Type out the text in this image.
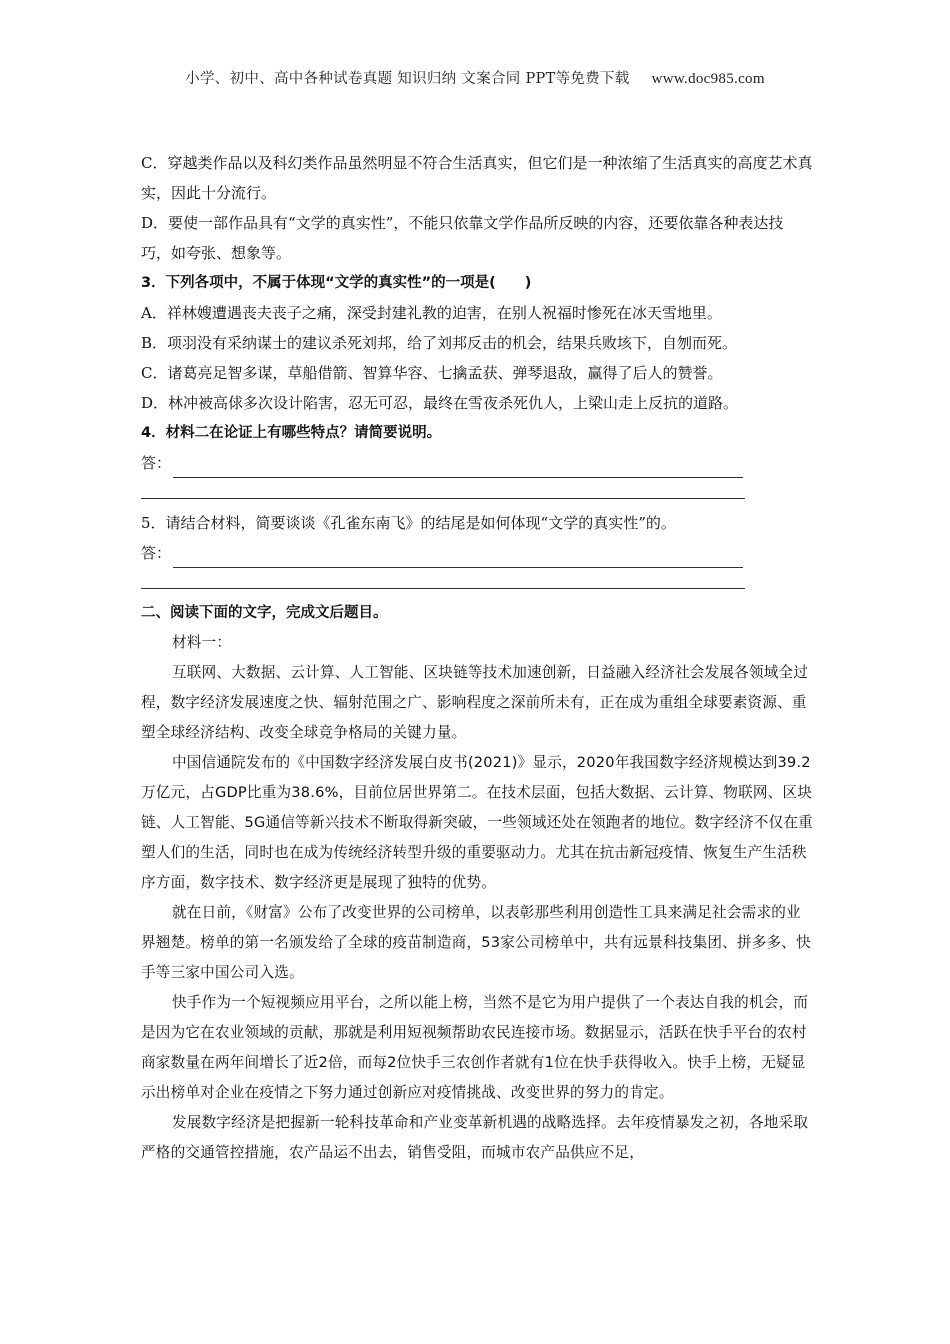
小学、初中、高中各种试卷真题 知识归纳 文案合同 PPT等免费下载 www.doc985.com

C．穿越类作品以及科幻类作品虽然明显不符合生活真实，但它们是一种浓缩了生活真实的高度艺术真实，因此十分流行。

D．要使一部作品具有“文学的真实性”，不能只依靠文学作品所反映的内容，还要依靠各种表达技巧，如夸张、想象等。

3．下列各项中，不属于体现“文学的真实性”的一项是(　　)

A．祥林嫂遭遇丧夫丧子之痛，深受封建礼教的迫害，在别人祝福时惨死在冰天雪地里。

B．项羽没有采纳谋士的建议杀死刘邦，给了刘邦反击的机会，结果兵败垓下，自刎而死。

C．诸葛亮足智多谋，草船借箭、智算华容、七擒孟获、弹琴退敌，赢得了后人的赞誉。

D．林冲被高俅多次设计陷害，忍无可忍，最终在雪夜杀死仇人，上梁山走上反抗的道路。

4．材料二在论证上有哪些特点？请简要说明。

答：

5．请结合材料，简要谈谈《孔雀东南飞》的结尾是如何体现“文学的真实性”的。

答：

二、阅读下面的文字，完成文后题目。

材料一：

互联网、大数据、云计算、人工智能、区块链等技术加速创新，日益融入经济社会发展各领域全过程，数字经济发展速度之快、辐射范围之广、影响程度之深前所未有，正在成为重组全球要素资源、重塑全球经济结构、改变全球竞争格局的关键力量。

中国信通院发布的《中国数字经济发展白皮书(2021)》显示，2020年我国数字经济规模达到39.2万亿元，占GDP比重为38.6%，目前位居世界第二。在技术层面，包括大数据、云计算、物联网、区块链、人工智能、5G通信等新兴技术不断取得新突破，一些领域还处在领跑者的地位。数字经济不仅在重塑人们的生活，同时也在成为传统经济转型升级的重要驱动力。尤其在抗击新冠疫情、恢复生产生活秩序方面，数字技术、数字经济更是展现了独特的优势。

就在日前，《财富》公布了改变世界的公司榜单，以表彰那些利用创造性工具来满足社会需求的业界翘楚。榜单的第一名颁发给了全球的疫苗制造商，53家公司榜单中，共有远景科技集团、拼多多、快手等三家中国公司入选。

快手作为一个短视频应用平台，之所以能上榜，当然不是它为用户提供了一个表达自我的机会，而是因为它在农业领域的贡献，那就是利用短视频帮助农民连接市场。数据显示，活跃在快手平台的农村商家数量在两年间增长了近2倍，而每2位快手三农创作者就有1位在快手获得收入。快手上榜，无疑显示出榜单对企业在疫情之下努力通过创新应对疫情挑战、改变世界的努力的肯定。

发展数字经济是把握新一轮科技革命和产业变革新机遇的战略选择。去年疫情暴发之初，各地采取严格的交通管控措施，农产品运不出去，销售受阻，而城市农产品供应不足，
